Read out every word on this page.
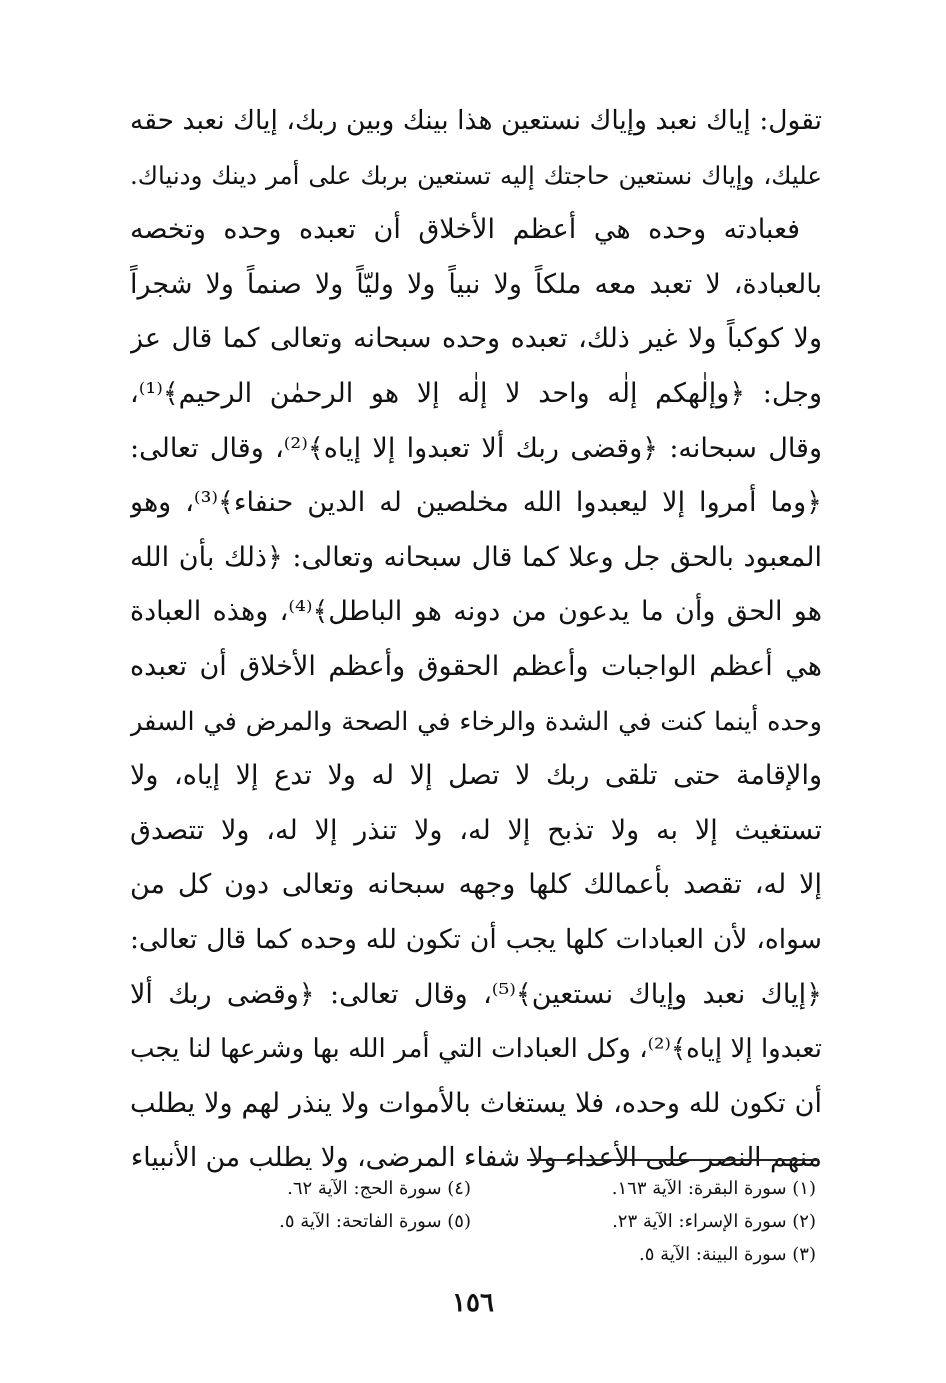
تقول: إياك نعبد وإياك نستعين هذا بينك وبين ربك، إياك نعبد حقه
عليك، وإياك نستعين حاجتك إليه تستعين بربك على أمر دينك ودنياك.
فعبادته وحده هي أعظم الأخلاق أن تعبده وحده وتخصه
بالعبادة، لا تعبد معه ملكاً ولا نبياً ولا وليّاً ولا صنماً ولا شجراً
ولا كوكباً ولا غير ذلك، تعبده وحده سبحانه وتعالى كما قال عز
وجل: ﴿وإلٰهكم إلٰه واحد لا إلٰه إلا هو الرحمٰن الرحيم﴾⁽¹⁾،
وقال سبحانه: ﴿وقضى ربك ألا تعبدوا إلا إياه﴾⁽²⁾، وقال تعالى:
﴿وما أمروا إلا ليعبدوا الله مخلصين له الدين حنفاء﴾⁽³⁾، وهو
المعبود بالحق جل وعلا كما قال سبحانه وتعالى: ﴿ذلك بأن الله
هو الحق وأن ما يدعون من دونه هو الباطل﴾⁽⁴⁾، وهذه العبادة
هي أعظم الواجبات وأعظم الحقوق وأعظم الأخلاق أن تعبده
وحده أينما كنت في الشدة والرخاء في الصحة والمرض في السفر
والإقامة حتى تلقى ربك لا تصل إلا له ولا تدع إلا إياه، ولا
تستغيث إلا به ولا تذبح إلا له، ولا تنذر إلا له، ولا تتصدق
إلا له، تقصد بأعمالك كلها وجهه سبحانه وتعالى دون كل من
سواه، لأن العبادات كلها يجب أن تكون لله وحده كما قال تعالى:
﴿إياك نعبد وإياك نستعين﴾⁽⁵⁾، وقال تعالى: ﴿وقضى ربك ألا
تعبدوا إلا إياه﴾⁽²⁾، وكل العبادات التي أمر الله بها وشرعها لنا يجب
أن تكون لله وحده، فلا يستغاث بالأموات ولا ينذر لهم ولا يطلب
منهم النصر على الأعداء ولا شفاء المرضى، ولا يطلب من الأنبياء
(١) سورة البقرة: الآية ١٦٣.
(٢) سورة الإسراء: الآية ٢٣.
(٣) سورة البينة: الآية ٥.
(٤) سورة الحج: الآية ٦٢.
(٥) سورة الفاتحة: الآية ٥.
١٥٦
